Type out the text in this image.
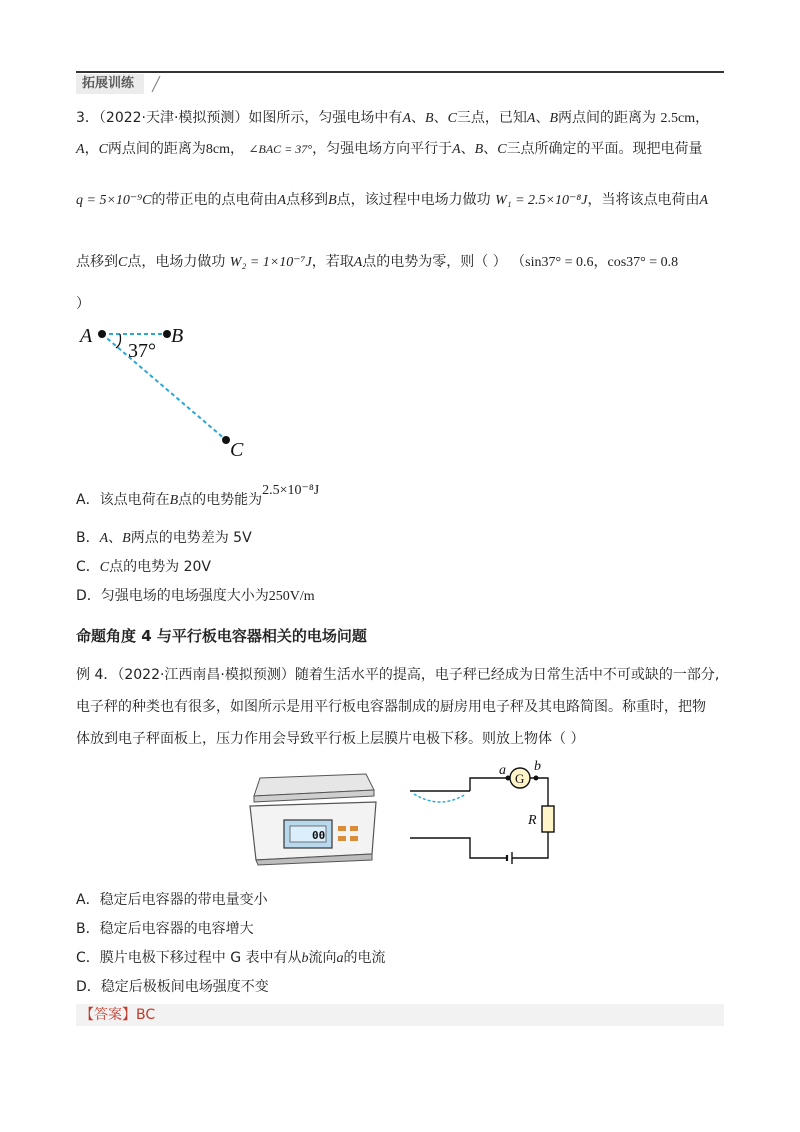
拓展训练
3．（2022·天津·模拟预测）如图所示，匀强电场中有A、B、C三点，已知A、B两点间的距离为 2.5cm，
A，C两点间的距离为8cm， ∠BAC = 37°，匀强电场方向平行于A、B、C三点所确定的平面。现把电荷量
q = 5×10⁻⁹C的带正电的点电荷由A点移到B点，该过程中电场力做功 W₁ = 2.5×10⁻⁸J，当将该点电荷由A
点移到C点，电场力做功 W₂ = 1×10⁻⁷J，若取A点的电势为零，则（ ） （sin37° = 0.6，cos37° = 0.8
）
A	B
C
37°
A．该点电荷在B点的电势能为2.5×10⁻⁸J
B．A、B两点的电势差为 5V
C．C点的电势为 20V
D．匀强电场的电场强度大小为250V/m
命题角度 4 与平行板电容器相关的电场问题
例 4．（2022·江西南昌·模拟预测）随着生活水平的提高，电子秤已经成为日常生活中不可或缺的一部分,
电子秤的种类也有很多，如图所示是用平行板电容器制成的厨房用电子秤及其电路简图。称重时，把物
体放到电子秤面板上，压力作用会导致平行板上层膜片电极下移。则放上物体（ ）
00
G
a b
R
A．稳定后电容器的带电量变小
B．稳定后电容器的电容增大
C．膜片电极下移过程中 G 表中有从b流向a的电流
D．稳定后极板间电场强度不变
【答案】BC
